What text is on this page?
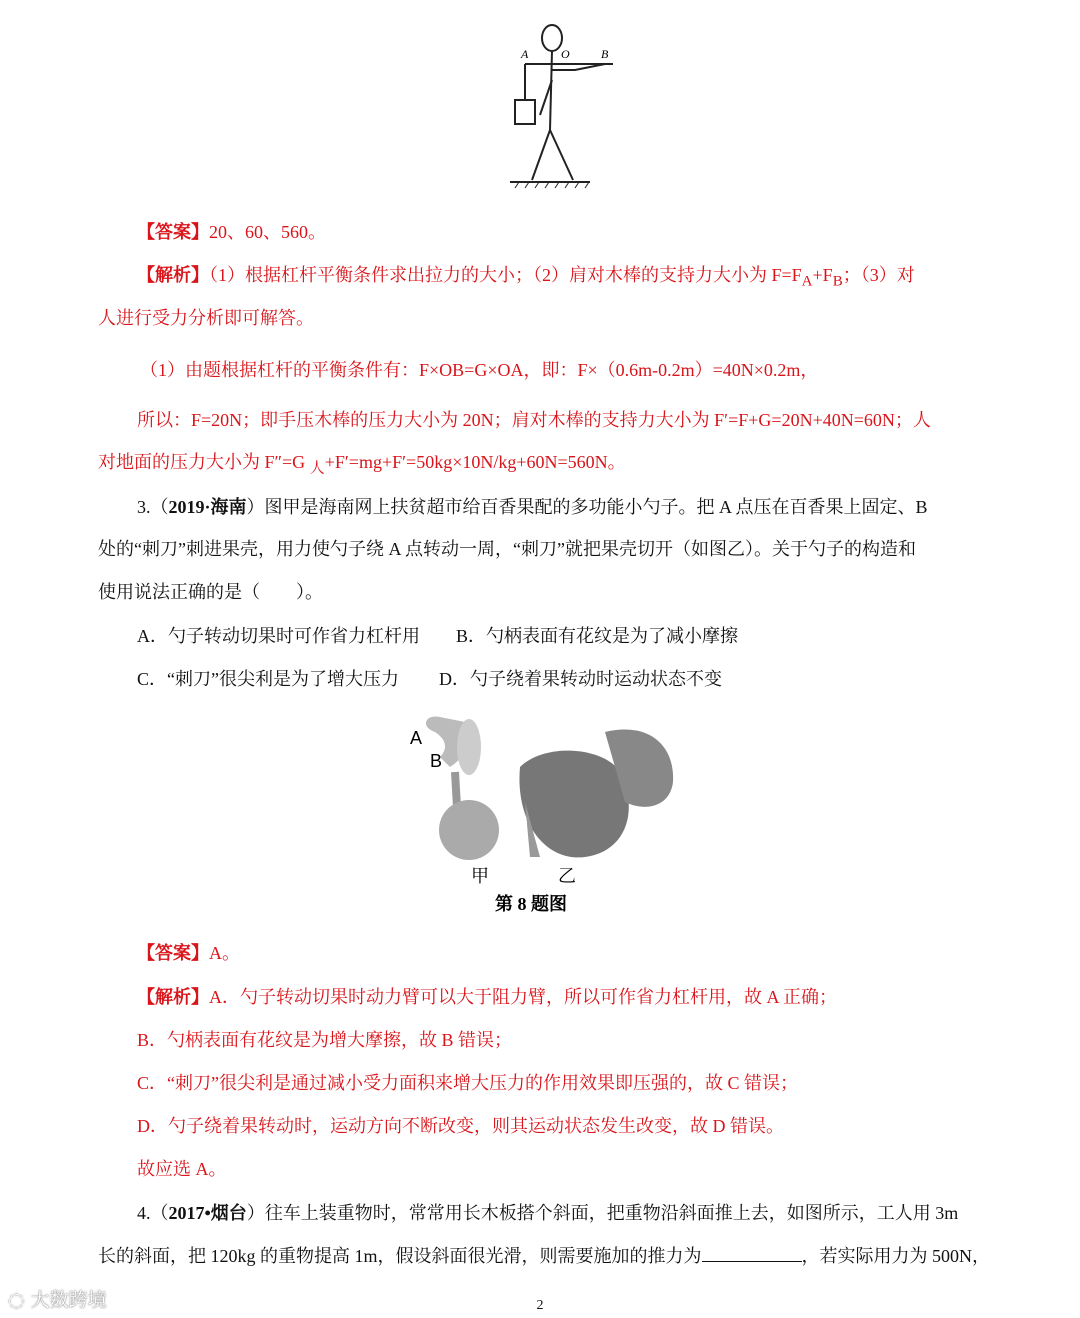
A	O	B
【答案】20、60、560。
【解析】（1）根据杠杆平衡条件求出拉力的大小；（2）肩对木棒的支持力大小为 $F=F_A+F_B$；（3）对
人进行受力分析即可解答。
（1）由题根据杠杆的平衡条件有：F×OB=G×OA，即：F×（0.6m‑0.2m）=40N×0.2m，
所以：F=20N；即手压木棒的压力大小为 20N；肩对木棒的支持力大小为 F′=F+G=20N+40N=60N；人
对地面的压力大小为 F″=G $_人$+F′=mg+F′=50kg×10N/kg+60N=560N。
3.（2019·海南）图甲是海南网上扶贫超市给百香果配的多功能小勺子。把 A 点压在百香果上固定、B
处的“刺刀”刺进果壳，用力使勺子绕 A 点转动一周，“刺刀”就把果壳切开（如图乙）。关于勺子的构造和
使用说法正确的是（　　）。
A．勺子转动切果时可作省力杠杆用 B．勺柄表面有花纹是为了减小摩擦
C．“刺刀”很尖利是为了增大压力 D．勺子绕着果转动时运动状态不变
A
B
甲	乙
第 8 题图
【答案】A。
【解析】A．勺子转动切果时动力臂可以大于阻力臂，所以可作省力杠杆用，故 A 正确；
B．勺柄表面有花纹是为增大摩擦，故 B 错误；
C．“刺刀”很尖利是通过减小受力面积来增大压力的作用效果即压强的，故 C 错误；
D．勺子绕着果转动时，运动方向不断改变，则其运动状态发生改变，故 D 错误。
故应选 A。
4.（2017•烟台）往车上装重物时，常常用长木板搭个斜面，把重物沿斜面推上去，如图所示，工人用 3m
长的斜面，把 120kg 的重物提高 1m，假设斜面很光滑，则需要施加的推力为	，若实际用力为 500N，
◌ 大数跨境	2
